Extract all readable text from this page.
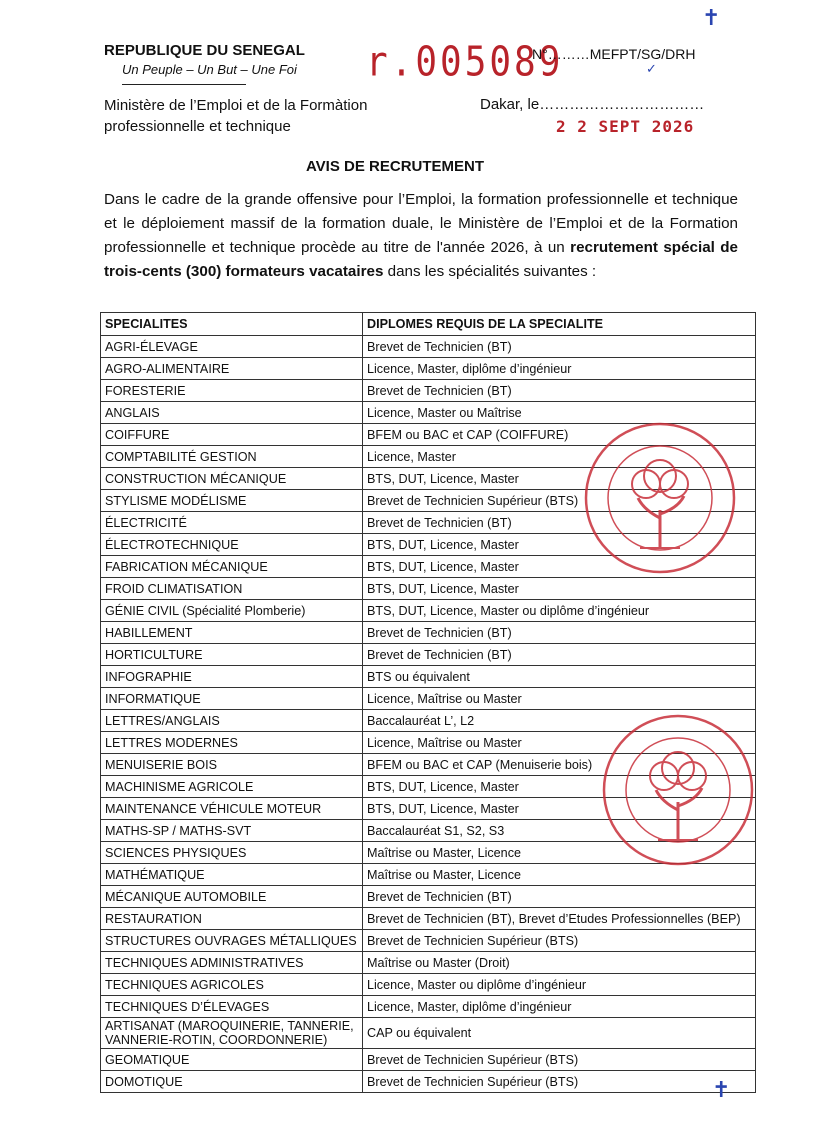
REPUBLIQUE DU SENEGAL
Un Peuple – Un But – Une Foi
Ministère de l’Emploi et de la Formàtion
professionnelle et technique
r.005089
N°………MEFPT/SG/DRH
Dakar, le……………………………
2 2 SEPT 2026
✝
✓
AVIS DE RECRUTEMENT
Dans le cadre de la grande offensive pour l’Emploi, la formation professionnelle et technique et le déploiement massif de la formation duale, le Ministère de l’Emploi et de la Formation professionnelle et technique procède au titre de l'année 2026, à un recrutement spécial de trois-cents (300) formateurs vacataires dans les spécialités suivantes :
SPECIALITES	DIPLOMES REQUIS DE LA SPECIALITE
AGRI-ÉLEVAGE	Brevet de Technicien (BT)
AGRO-ALIMENTAIRE	Licence, Master, diplôme d’ingénieur
FORESTERIE	Brevet de Technicien (BT)
ANGLAIS	Licence, Master ou Maîtrise
COIFFURE	BFEM ou BAC et CAP (COIFFURE)
COMPTABILITÉ GESTION	Licence, Master
CONSTRUCTION MÉCANIQUE	BTS, DUT, Licence, Master
STYLISME MODÉLISME	Brevet de Technicien Supérieur (BTS)
ÉLECTRICITÉ	Brevet de Technicien (BT)
ÉLECTROTECHNIQUE	BTS, DUT, Licence, Master
FABRICATION MÉCANIQUE	BTS, DUT, Licence, Master
FROID CLIMATISATION	BTS, DUT, Licence, Master
GÉNIE CIVIL (Spécialité Plomberie)	BTS, DUT, Licence, Master ou diplôme d’ingénieur
HABILLEMENT	Brevet de Technicien (BT)
HORTICULTURE	Brevet de Technicien (BT)
INFOGRAPHIE	BTS ou équivalent
INFORMATIQUE	Licence, Maîtrise ou Master
LETTRES/ANGLAIS	Baccalauréat L’, L2
LETTRES MODERNES	Licence, Maîtrise ou Master
MENUISERIE BOIS	BFEM ou BAC et CAP (Menuiserie bois)
MACHINISME AGRICOLE	BTS, DUT, Licence, Master
MAINTENANCE VÉHICULE MOTEUR	BTS, DUT, Licence, Master
MATHS-SP / MATHS-SVT	Baccalauréat S1, S2, S3
SCIENCES PHYSIQUES	Maîtrise ou Master, Licence
MATHÉMATIQUE	Maîtrise ou Master, Licence
MÉCANIQUE AUTOMOBILE	Brevet de Technicien (BT)
RESTAURATION	Brevet de Technicien (BT), Brevet d’Etudes Professionnelles (BEP)
STRUCTURES OUVRAGES MÉTALLIQUES	Brevet de Technicien Supérieur (BTS)
TECHNIQUES ADMINISTRATIVES	Maîtrise ou Master (Droit)
TECHNIQUES AGRICOLES	Licence, Master ou diplôme d’ingénieur
TECHNIQUES D’ÉLEVAGES	Licence, Master, diplôme d’ingénieur
ARTISANAT (MAROQUINERIE, TANNERIE, VANNERIE-ROTIN, COORDONNERIE)	CAP ou équivalent
GEOMATIQUE	Brevet de Technicien Supérieur (BTS)
DOMOTIQUE	Brevet de Technicien Supérieur (BTS)	✝
